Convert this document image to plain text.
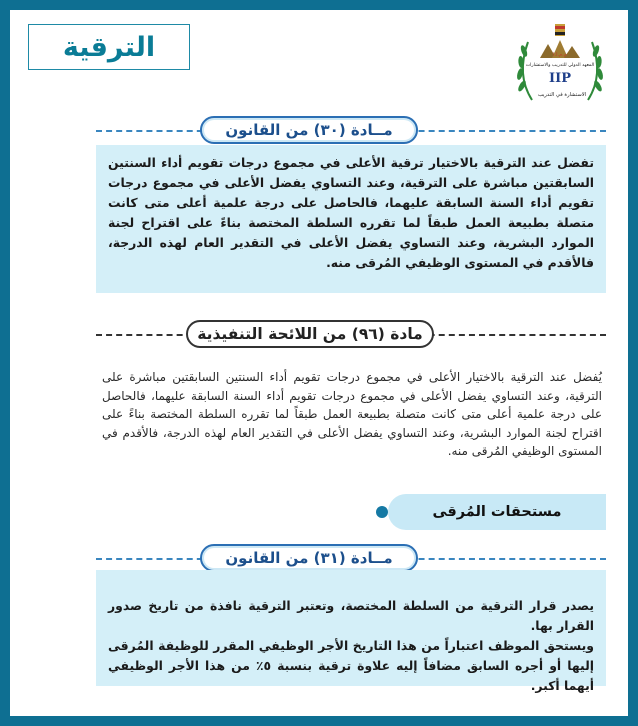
الترقية	م.م.ا.ا
المعهد الدولي للتدريب والاستشارات
IIP
الاستشارة في التدريب
مــادة (٣٠) من القانون
تفضل عند الترقية بالاختيار ترقية الأعلى في مجموع درجات تقويم أداء السنتين السابقتين مباشرة على الترقية، وعند التساوي يفضل الأعلى في مجموع درجات تقويم أداء السنة السابقة عليهما، فالحاصل على درجة علمية أعلى متى كانت متصلة بطبيعة العمل طبقاً لما تقرره السلطة المختصة بناءً على اقتراح لجنة الموارد البشرية، وعند التساوي يفضل الأعلى في التقدير العام لهذه الدرجة، فالأقدم في المستوى الوظيفي المُرقى منه.
مادة (٩٦) من اللائحة التنفيذية
يُفضل عند الترقية بالاختيار الأعلى في مجموع درجات تقويم أداء السنتين السابقتين مباشرة على الترقية، وعند التساوي يفضل الأعلى في مجموع درجات تقويم أداء السنة السابقة عليهما، فالحاصل على درجة علمية أعلى متى كانت متصلة بطبيعة العمل طبقاً لما تقرره السلطة المختصة بناءً على اقتراح لجنة الموارد البشرية، وعند التساوي يفضل الأعلى في التقدير العام لهذه الدرجة، فالأقدم في المستوى الوظيفي المُرقى منه.
مستحقات المُرقى
مــادة (٣١) من القانون
يصدر قرار الترقية من السلطة المختصة، وتعتبر الترقية نافذة من تاريخ صدور القرار بها.
ويستحق الموظف اعتباراً من هذا التاريخ الأجر الوظيفي المقرر للوظيفة المُرقى إليها أو أجره السابق مضافاً إليه علاوة ترقية بنسبة ٥٪ من هذا الأجر الوظيفي أيهما أكبر.
